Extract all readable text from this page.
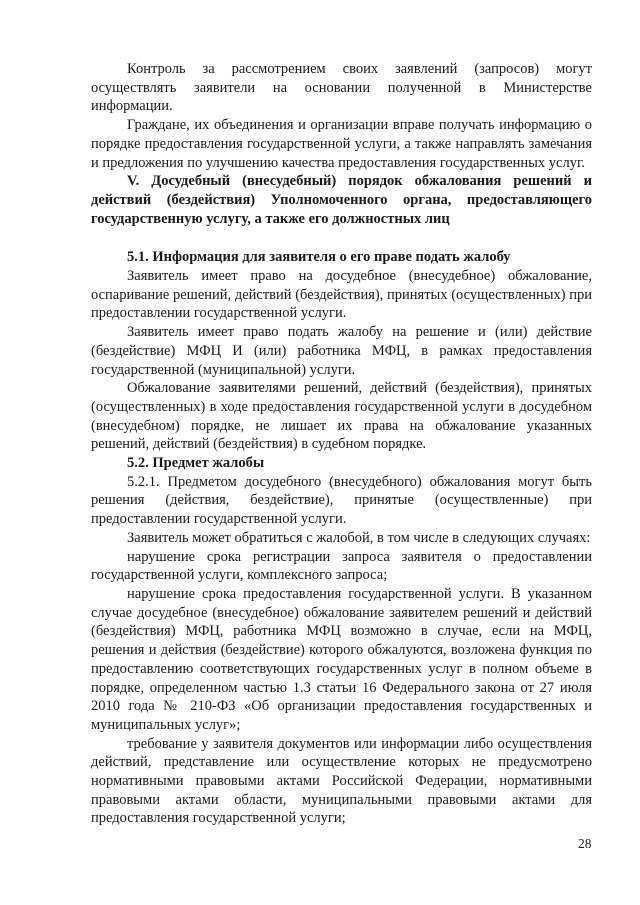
Контроль за рассмотрением своих заявлений (запросов) могут осуществлять заявители на основании полученной в Министерстве информации.

Граждане, их объединения и организации вправе получать информацию о порядке предоставления государственной услуги, а также направлять замечания и предложения по улучшению качества предоставления государственных услуг.

V. Досудебный (внесудебный) порядок обжалования решений и действий (бездействия) Уполномоченного органа, предоставляющего государственную услугу, а также его должностных лиц

5.1. Информация для заявителя о его праве подать жалобу

Заявитель имеет право на досудебное (внесудебное) обжалование, оспаривание решений, действий (бездействия), принятых (осуществленных) при предоставлении государственной услуги.

Заявитель имеет право подать жалобу на решение и (или) действие (бездействие) МФЦ И (или) работника МФЦ, в рамках предоставления государственной (муниципальной) услуги.

Обжалование заявителями решений, действий (бездействия), принятых (осуществленных) в ходе предоставления государственной услуги в досудебном (внесудебном) порядке, не лишает их права на обжалование указанных решений, действий (бездействия) в судебном порядке.

5.2. Предмет жалобы

5.2.1. Предметом досудебного (внесудебного) обжалования могут быть решения (действия, бездействие), принятые (осуществленные) при предоставлении государственной услуги.

Заявитель может обратиться с жалобой, в том числе в следующих случаях:

нарушение срока регистрации запроса заявителя о предоставлении государственной услуги, комплексного запроса;

нарушение срока предоставления государственной услуги. В указанном случае досудебное (внесудебное) обжалование заявителем решений и действий (бездействия) МФЦ, работника МФЦ возможно в случае, если на МФЦ, решения и действия (бездействие) которого обжалуются, возложена функция по предоставлению соответствующих государственных услуг в полном объеме в порядке, определенном частью 1.3 статьи 16 Федерального закона от 27 июля 2010 года № 210-ФЗ «Об организации предоставления государственных и муниципальных услуг»;

требование у заявителя документов или информации либо осуществления действий, представление или осуществление которых не предусмотрено нормативными правовыми актами Российской Федерации, нормативными правовыми актами области, муниципальными правовыми актами для предоставления государственной услуги;

28
